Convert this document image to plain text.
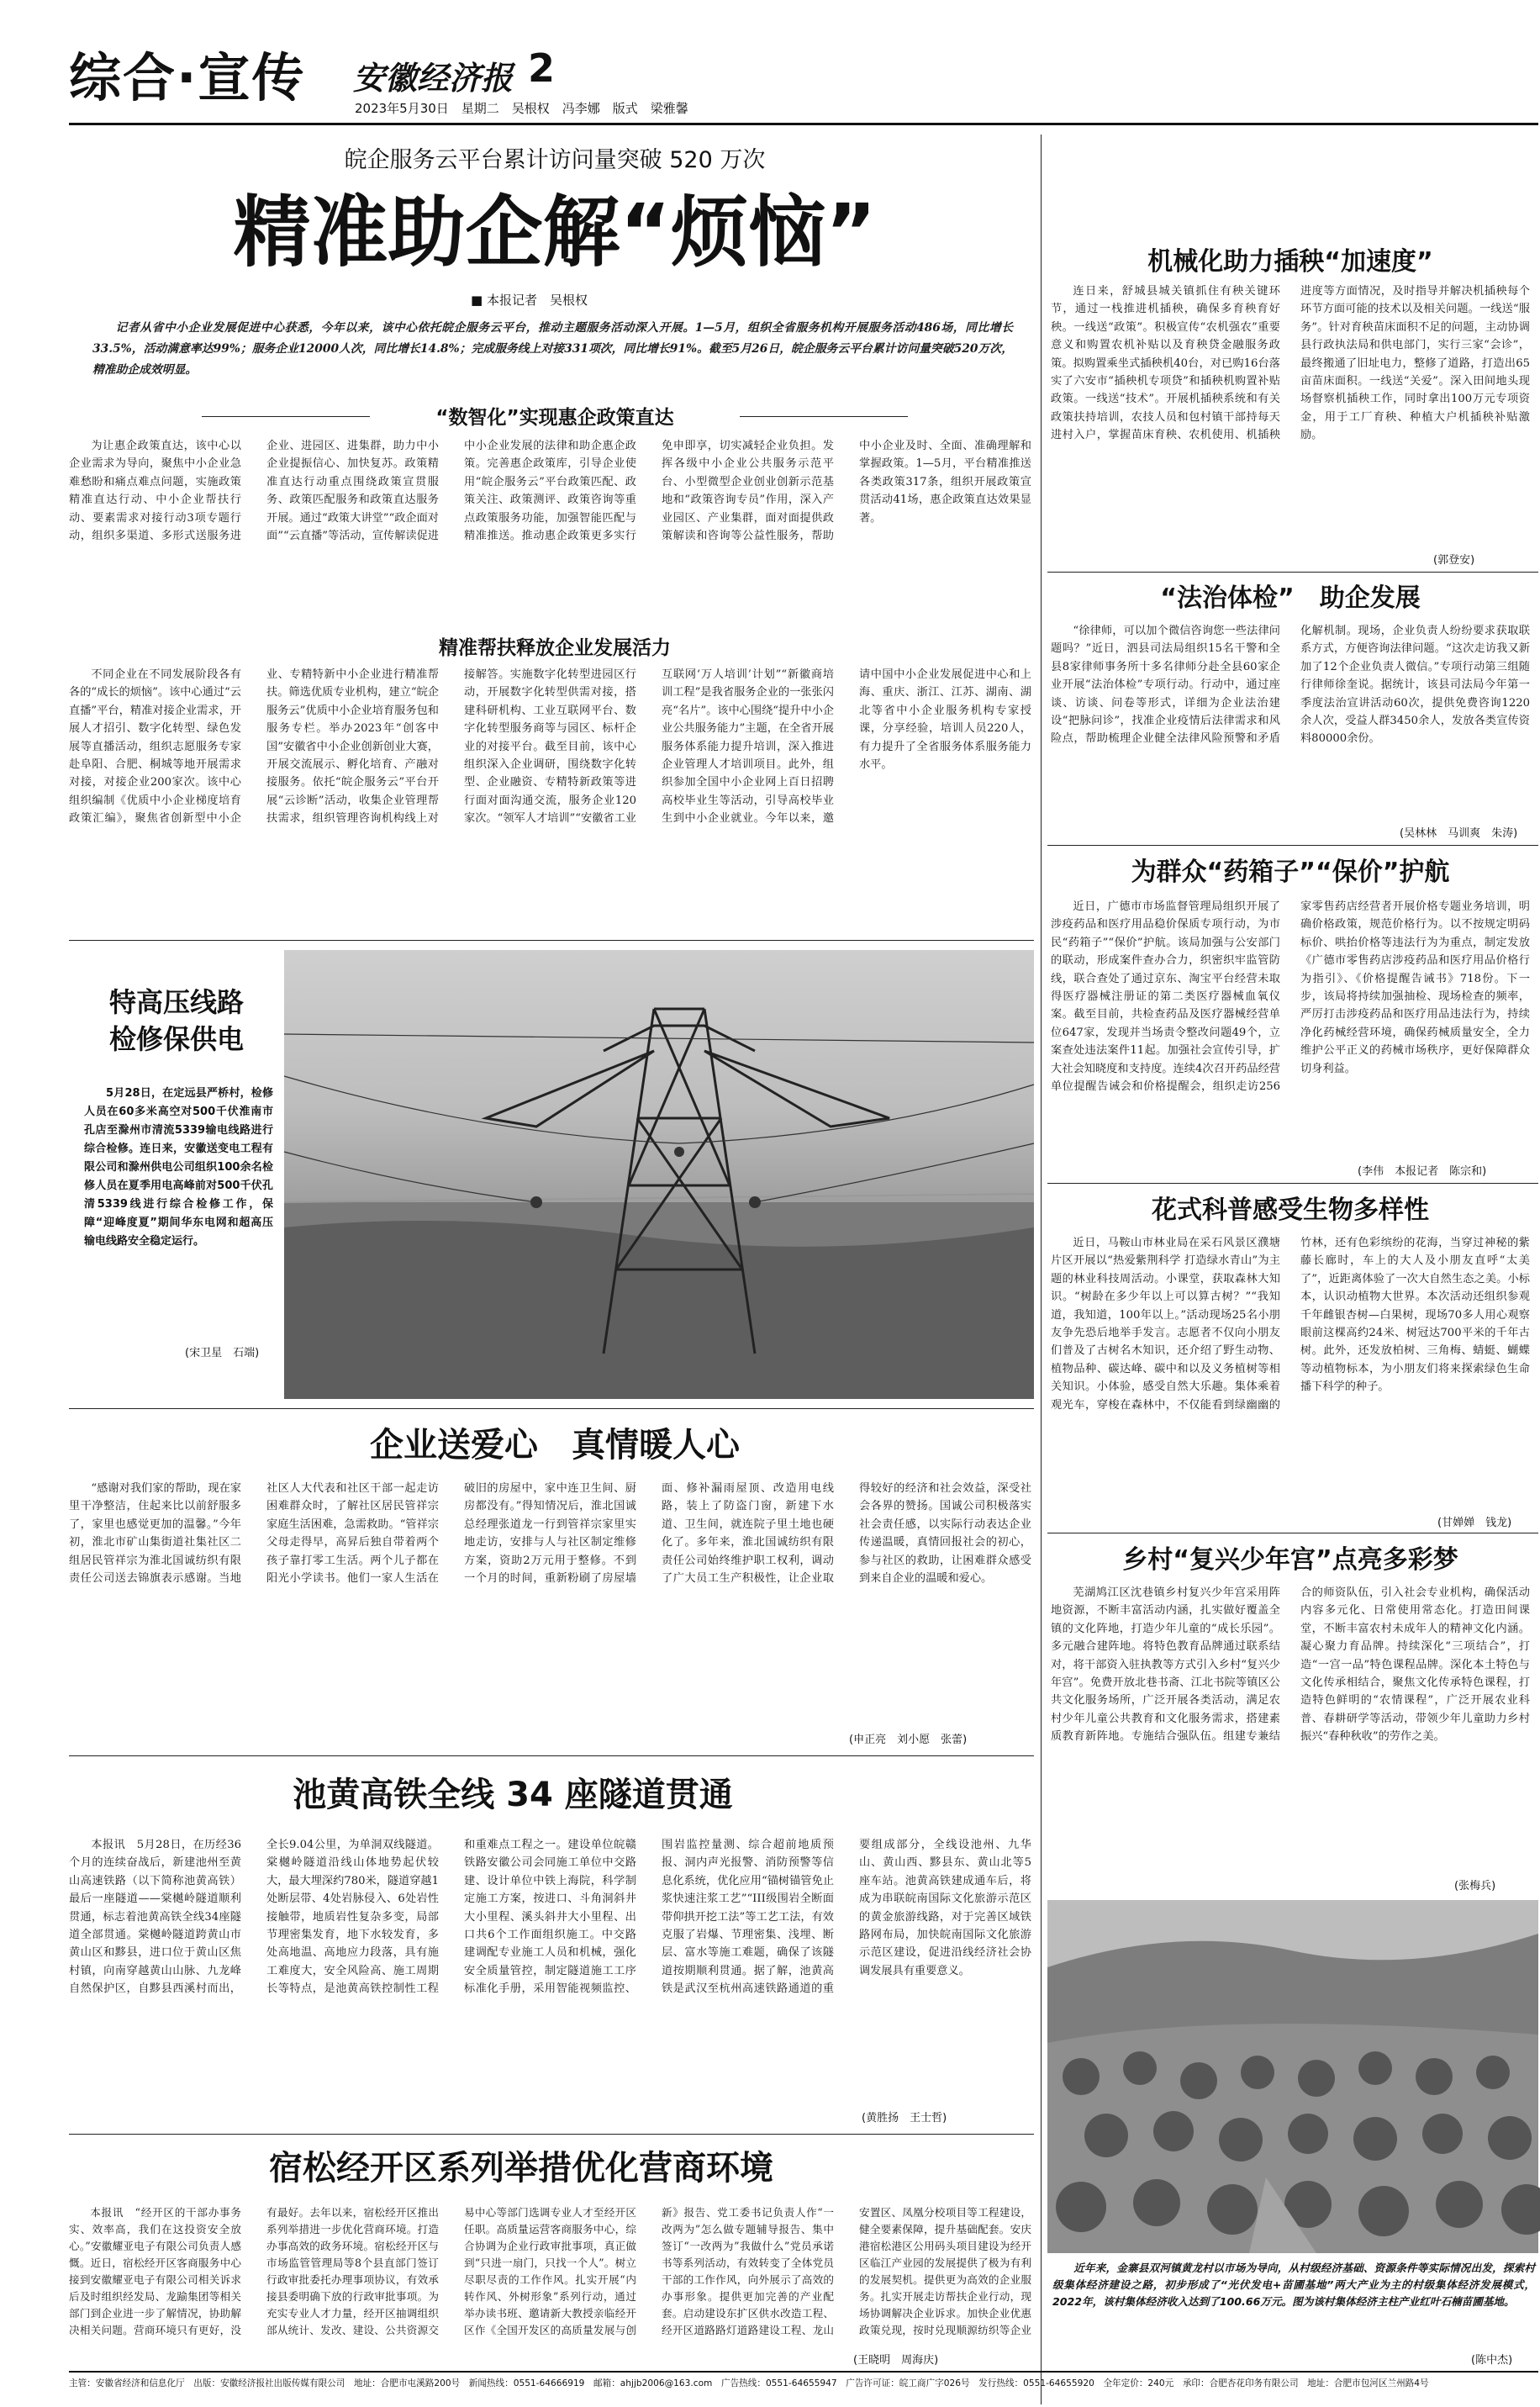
综合·宣传 安徽经济报 2
2023年5月30日　星期二　吴根权　冯李娜　版式　梁雅馨
皖企服务云平台累计访问量突破 520 万次
精准助企解“烦恼”
■ 本报记者　吴根权

记者从省中小企业发展促进中心获悉，今年以来，该中心依托皖企服务云平台，推动主题服务活动深入开展。1—5月，组织全省服务机构开展服务活动486场，同比增长33.5%，活动满意率达99%；服务企业12000人次，同比增长14.8%；完成服务线上对接331项次，同比增长91%。截至5月26日，皖企服务云平台累计访问量突破520万次，精准助企成效明显。

“数智化”实现惠企政策直达

为让惠企政策直达，该中心以企业需求为导向，聚焦中小企业急难愁盼和痛点难点问题，实施政策精准直达行动、中小企业帮扶行动、要素需求对接行动3项专题行动，组织多渠道、多形式送服务进企业、进园区、进集群，助力中小企业提振信心、加快复苏。政策精准直达行动重点围绕政策宣贯服务、政策匹配服务和政策直达服务开展。通过“政策大讲堂”“政企面对面”“云直播”等活动，宣传解读促进中小企业发展的法律和助企惠企政策。完善惠企政策库，引导企业使用“皖企服务云”平台政策匹配、政策关注、政策测评、政策咨询等重点政策服务功能，加强智能匹配与精准推送。推动惠企政策更多实行免申即享，切实减轻企业负担。发挥各级中小企业公共服务示范平台、小型微型企业创业创新示范基地和“政策咨询专员”作用，深入产业园区、产业集群，面对面提供政策解读和咨询等公益性服务，帮助中小企业及时、全面、准确理解和掌握政策。1—5月，平台精准推送各类政策317条，组织开展政策宣贯活动41场，惠企政策直达效果显著。

精准帮扶释放企业发展活力

不同企业在不同发展阶段各有各的“成长的烦恼”。该中心通过“云直播”平台，精准对接企业需求，开展人才招引、数字化转型、绿色发展等直播活动，组织志愿服务专家赴阜阳、合肥、桐城等地开展需求对接，对接企业200家次。该中心组织编制《优质中小企业梯度培育政策汇编》，聚焦省创新型中小企业、专精特新中小企业进行精准帮扶。筛选优质专业机构，建立“皖企服务云”优质中小企业培育服务包和服务专栏。举办2023年“创客中国”安徽省中小企业创新创业大赛，开展交流展示、孵化培育、产融对接服务。依托“皖企服务云”平台开展“云诊断”活动，收集企业管理帮扶需求，组织管理咨询机构线上对接解答。实施数字化转型进园区行动，开展数字化转型供需对接，搭建科研机构、工业互联网平台、数字化转型服务商等与园区、标杆企业的对接平台。截至目前，该中心组织深入企业调研，围绕数字化转型、企业融资、专精特新政策等进行面对面沟通交流，服务企业120家次。“领军人才培训”“安徽省工业互联网‘万人培训’计划”“新徽商培训工程”是我省服务企业的一张张闪亮“名片”。该中心围绕“提升中小企业公共服务能力”主题，在全省开展服务体系能力提升培训，深入推进企业管理人才培训项目。此外，组织参加全国中小企业网上百日招聘高校毕业生等活动，引导高校毕业生到中小企业就业。今年以来，邀请中国中小企业发展促进中心和上海、重庆、浙江、江苏、湖南、湖北等省中小企业服务机构专家授课，分享经验，培训人员220人，有力提升了全省服务体系服务能力水平。

特高压线路
检修保供电
5月28日，在定远县严桥村，检修人员在60多米高空对500千伏淮南市孔店至滁州市清流5339输电线路进行综合检修。连日来，安徽送变电工程有限公司和滁州供电公司组织100余名检修人员在夏季用电高峰前对500千伏孔清5339线进行综合检修工作，保障“迎峰度夏”期间华东电网和超高压输电线路安全稳定运行。
(宋卫星　石端)
企业送爱心　真情暖人心

“感谢对我们家的帮助，现在家里干净整洁，住起来比以前舒服多了，家里也感觉更加的温馨。”今年初，淮北市矿山集街道社集社区二组居民管祥宗为淮北国诚纺织有限责任公司送去锦旗表示感谢。当地社区人大代表和社区干部一起走访困难群众时，了解社区居民管祥宗家庭生活困难，急需救助。“管祥宗父母走得早，高昇后独自带着两个孩子靠打零工生活。两个儿子都在阳光小学读书。他们一家人生活在破旧的房屋中，家中连卫生间、厨房都没有。”得知情况后，淮北国诚总经理张道龙一行到管祥宗家里实地走访，安排与人与社区制定维修方案，资助2万元用于整修。不到一个月的时间，重新粉刷了房屋墙面、修补漏雨屋顶、改造用电线路，装上了防盗门窗，新建下水道、卫生间，就连院子里土地也硬化了。多年来，淮北国诚纺织有限责任公司始终维护职工权利，调动了广大员工生产积极性，让企业取得较好的经济和社会效益，深受社会各界的赞扬。国诚公司积极落实社会责任感，以实际行动表达企业传递温暖，真情回报社会的初心，参与社区的救助，让困难群众感受到来自企业的温暖和爱心。

(申正亮　刘小愿　张蕾)
池黄高铁全线 34 座隧道贯通

本报讯　5月28日，在历经36个月的连续奋战后，新建池州至黄山高速铁路（以下简称池黄高铁）最后一座隧道——棠樾岭隧道顺利贯通，标志着池黄高铁全线34座隧道全部贯通。棠樾岭隧道跨黄山市黄山区和黟县，进口位于黄山区焦村镇，向南穿越黄山山脉、九龙峰自然保护区，自黟县西溪村而出，全长9.04公里，为单洞双线隧道。棠樾岭隧道沿线山体地势起伏较大，最大埋深约780米，隧道穿越1处断层带、4处岩脉侵入、6处岩性接触带，地质岩性复杂多变，局部节理密集发育，地下水较发育，多处高地温、高地应力段落，具有施工难度大，安全风险高、施工周期长等特点，是池黄高铁控制性工程和重难点工程之一。建设单位皖赣铁路安徽公司会同施工单位中交路建、设计单位中铁上海院，科学制定施工方案，按进口、斗角洞斜井大小里程、溪头斜井大小里程、出口共6个工作面组织施工。中交路建调配专业施工人员和机械，强化安全质量管控，制定隧道施工工序标准化手册，采用智能视频监控、围岩监控量测、综合超前地质预报、洞内声光报警、消防预警等信息化系统，优化应用“锚树锚管免止浆快速注浆工艺”“III级围岩全断面带仰拱开挖工法”等工艺工法，有效克服了岩爆、节理密集、浅埋、断层、富水等施工难题，确保了该隧道按期顺利贯通。据了解，池黄高铁是武汉至杭州高速铁路通道的重要组成部分，全线设池州、九华山、黄山西、黟县东、黄山北等5座车站。池黄高铁建成通车后，将成为串联皖南国际文化旅游示范区的黄金旅游线路，对于完善区域铁路网布局，加快皖南国际文化旅游示范区建设，促进沿线经济社会协调发展具有重要意义。

(黄胜扬　王士哲)
宿松经开区系列举措优化营商环境

本报讯　“经开区的干部办事务实、效率高，我们在这投资安全放心。”安徽耀亚电子有限公司负责人感慨。近日，宿松经开区客商服务中心接到安徽耀亚电子有限公司相关诉求后及时组织经发局、龙踰集团等相关部门到企业进一步了解情况，协助解决相关问题。营商环境只有更好，没有最好。去年以来，宿松经开区推出系列举措进一步优化营商环境。打造办事高效的政务环境。宿松经开区与市场监管管理局等8个县直部门签订行政审批委托办理事项协议，有效承接县委明确下放的行政审批事项。为充实专业人才力量，经开区抽调组织部从统计、发改、建设、公共资源交易中心等部门选调专业人才至经开区任职。高质量运营客商服务中心，综合协调为企业行政审批事项，真正做到“只进一扇门，只找一个人”。树立尽职尽责的工作作风。扎实开展“内转作风、外树形象”系列行动，通过举办读书班、邀请新大教授亲临经开区作《全国开发区的高质量发展与创新》报告、党工委书记负责人作“一改两为”怎么做专题辅导报告、集中签订“一改两为”我做什么”党员承诺书等系列活动，有效转变了全体党员干部的工作作风，向外展示了高效的办事形象。提供更加完善的产业配套。启动建设东扩区供水改造工程、经开区道路路灯道路建设工程、龙山安置区、凤凰分校项目等工程建设，健全要素保障，提升基础配套。安庆港宿松港区公用码头项目建设为经开区临江产业园的发展提供了极为有利的发展契机。提供更为高效的企业服务。扎实开展走访帮扶企业行动，现场协调解决企业诉求。加快企业优惠政策兑现，按时兑现顺源纺织等企业

(王晓明　周海庆)
机械化助力插秧“加速度”

连日来，舒城县城关镇抓住有秧关键环节，通过一栈推进机插秧，确保多育秧育好秧。一线送“政策”。积极宣传“农机强农”重要意义和购置农机补贴以及育秧贷金融服务政策。拟购置乘坐式插秧机40台，对已购16台落实了六安市“插秧机专项贷”和插秧机购置补贴政策。一线送“技术”。开展机插秧系统和有关政策扶持培训，农技人员和包村镇干部持每天进村入户，掌握苗床育秧、农机使用、机插秧进度等方面情况，及时指导并解决机插秧每个环节方面可能的技术以及相关问题。一线送“服务”。针对育秧苗床面积不足的问题，主动协调县行政执法局和供电部门，实行三家“会诊”，最终搬通了旧址电力，整修了道路，打造出65亩苗床面积。一线送“关爱”。深入田间地头现场督察机插秧工作，同时拿出100万元专项资金，用于工厂育秧、种植大户机插秧补贴激励。

(郭登安)
“法治体检”　助企发展

“徐律师，可以加个微信咨询您一些法律问题吗？”近日，泗县司法局组织15名干警和全县8家律师事务所十多名律师分赴全县60家企业开展“法治体检”专项行动。行动中，通过座谈、访谈、问卷等形式，详细为企业法治建设“把脉问诊”，找准企业疫情后法律需求和风险点，帮助梳理企业健全法律风险预警和矛盾化解机制。现场，企业负责人纷纷要求获取联系方式，方便咨询法律问题。“这次走访我又新加了12个企业负责人微信。”专项行动第三组随行律师徐奎说。据统计，该县司法局今年第一季度法治宣讲活动60次，提供免费咨询1220余人次，受益人群3450余人，发放各类宣传资料80000余份。

(吴林林　马训爽　朱涛)
为群众“药箱子”“保价”护航

近日，广德市市场监督管理局组织开展了涉疫药品和医疗用品稳价保质专项行动，为市民“药箱子”“保价”护航。该局加强与公安部门的联动，形成案件查办合力，织密织牢监管防线，联合查处了通过京东、淘宝平台经营未取得医疗器械注册证的第二类医疗器械血氧仪案。截至目前，共检查药品及医疗器械经营单位647家，发现并当场责令整改问题49个，立案查处违法案件11起。加强社会宣传引导，扩大社会知晓度和支持度。连续4次召开药品经营单位提醒告诫会和价格提醒会，组织走访256家零售药店经营者开展价格专题业务培训，明确价格政策，规范价格行为。以不按规定明码标价、哄抬价格等违法行为为重点，制定发放《广德市零售药店涉疫药品和医疗用品价格行为指引》、《价格提醒告诫书》718份。下一步，该局将持续加强抽检、现场检查的频率，严厉打击涉疫药品和医疗用品违法行为，持续净化药械经营环境，确保药械质量安全，全力维护公平正义的药械市场秩序，更好保障群众切身利益。

(李伟　本报记者　陈宗和)
花式科普感受生物多样性

近日，马鞍山市林业局在采石风景区濮塘片区开展以“热爱紫荆科学 打造绿水青山”为主题的林业科技周活动。小课堂，获取森林大知识。“树龄在多少年以上可以算古树？”“我知道，我知道，100年以上。”活动现场25名小朋友争先恐后地举手发言。志愿者不仅向小朋友们普及了古树名木知识，还介绍了野生动物、植物品种、碳达峰、碳中和以及义务植树等相关知识。小体验，感受自然大乐趣。集体乘着观光车，穿梭在森林中，不仅能看到绿幽幽的竹林，还有色彩缤纷的花海，当穿过神秘的紫藤长廊时，车上的大人及小朋友直呼“太美了”，近距离体验了一次大自然生态之美。小标本，认识动植物大世界。本次活动还组织参观千年雌银杏树—白果树，现场70多人用心观察眼前这棵高约24米、树冠达700平米的千年古树。此外，还发放柏树、三角梅、蜻蜓、蝴蝶等动植物标本，为小朋友们将来探索绿色生命播下科学的种子。

(甘婵婵　钱龙)
乡村“复兴少年宫”点亮多彩梦

芜湖鸠江区沈巷镇乡村复兴少年宫采用阵地资源，不断丰富活动内涵，扎实做好覆盖全镇的文化阵地，打造少年儿童的“成长乐园”。多元融合建阵地。将特色教育品牌通过联系结对，将干部资入驻执教等方式引入乡村“复兴少年宫”。免费开放北巷书斋、江北书院等镇区公共文化服务场所，广泛开展各类活动，满足农村少年儿童公共教育和文化服务需求，搭建素质教育新阵地。专施结合强队伍。组建专兼结合的师资队伍，引入社会专业机构，确保活动内容多元化、日常使用常态化。打造田间课堂，不断丰富农村未成年人的精神文化内涵。凝心聚力育品牌。持续深化“三项结合”，打造“一宫一品”特色课程品牌。深化本土特色与文化传承相结合，聚焦文化传承特色课程，打造特色鲜明的“农情课程”，广泛开展农业科普、春耕研学等活动，带领少年儿童助力乡村振兴“春种秋收”的劳作之美。

(张梅兵)
近年来，金寨县双河镇黄龙村以市场为导向，从村级经济基础、资源条件等实际情况出发，探索村级集体经济建设之路，初步形成了“光伏发电+苗圃基地”两大产业为主的村级集体经济发展模式，2022年，该村集体经济收入达到了100.66万元。图为该村集体经济主柱产业红叶石楠苗圃基地。
(陈中杰)
主管：安徽省经济和信息化厅　出版：安徽经济报社出版传媒有限公司　地址：合肥市屯溪路200号　新闻热线：0551-64666919　邮箱：ahjjb2006@163.com　广告热线：0551-64655947　广告许可证：皖工商广字026号　发行热线：0551-64655920　全年定价：240元　承印：合肥杏花印务有限公司　地址：合肥市包河区兰州路4号
